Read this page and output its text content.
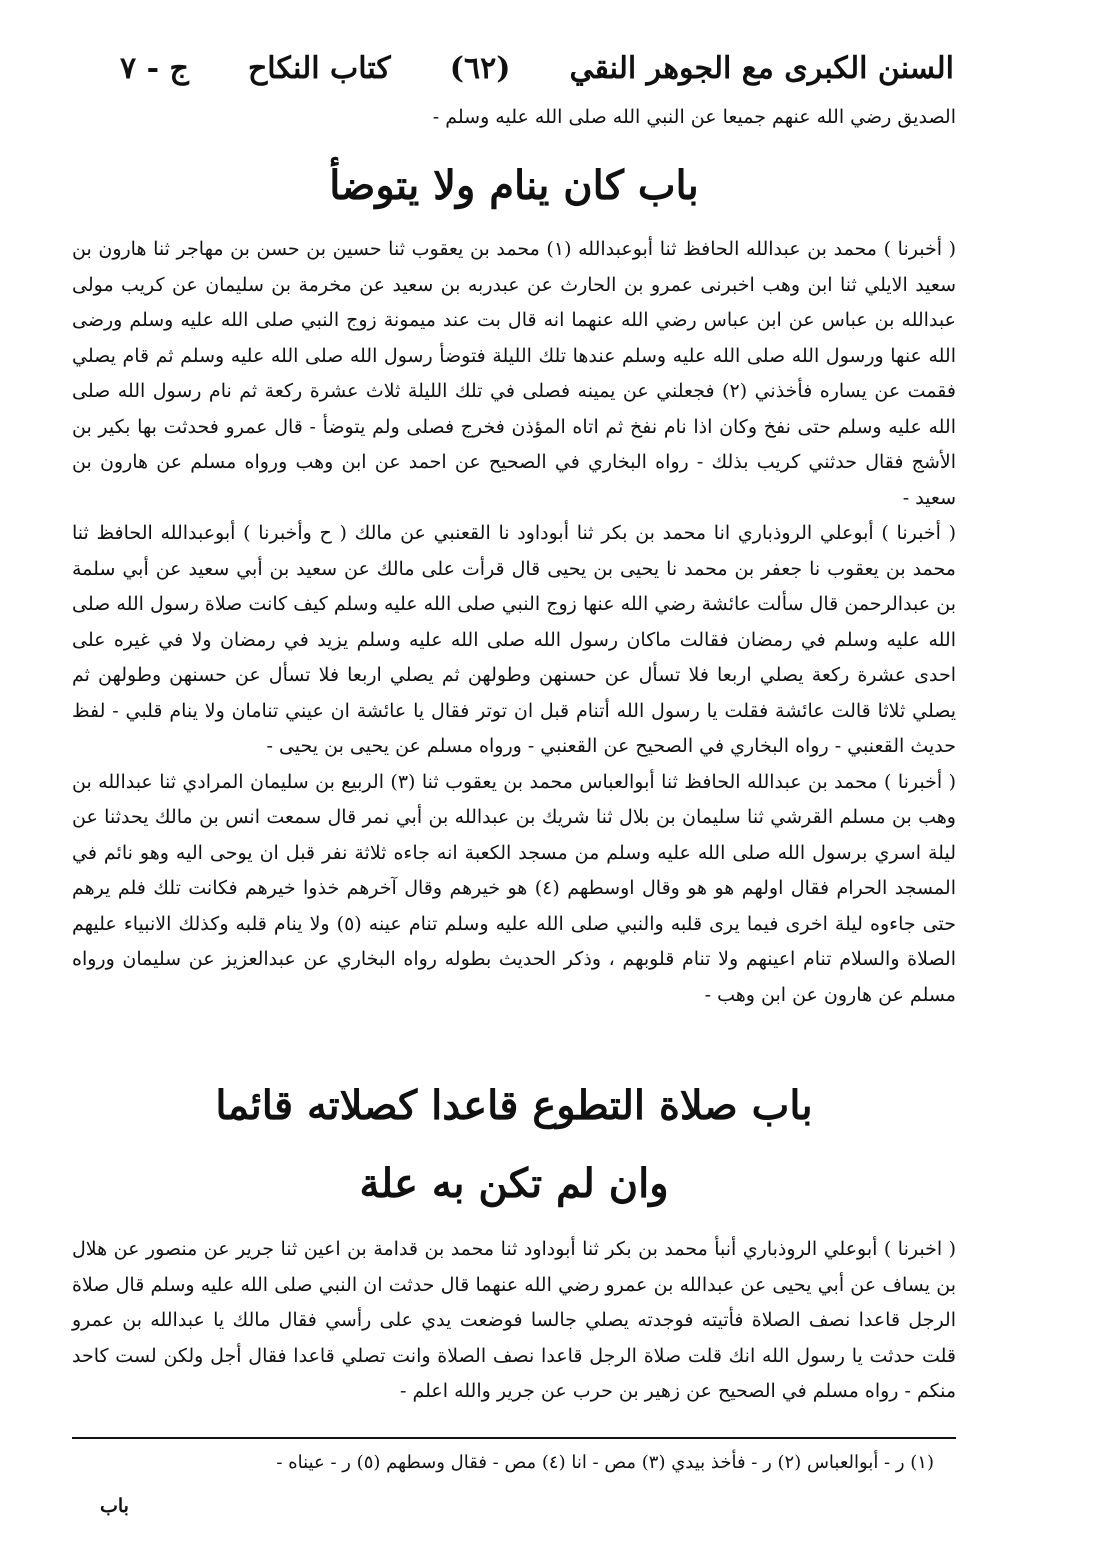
السنن الكبرى مع الجوهر النقي
(٦٢)
كتاب النكاح
ج - ٧

الصديق رضي الله عنهم جميعا عن النبي الله صلى الله عليه وسلم -

باب كان ينام ولا يتوضأ

( أخبرنا ) محمد بن عبدالله الحافظ ثنا أبوعبدالله (١) محمد بن يعقوب ثنا حسين بن حسن بن مهاجر ثنا هارون بن سعيد الايلي ثنا ابن وهب اخبرنى عمرو بن الحارث عن عبدربه بن سعيد عن مخرمة بن سليمان عن كريب مولى عبدالله بن عباس عن ابن عباس رضي الله عنهما انه قال بت عند ميمونة زوج النبي صلى الله عليه وسلم ورضى الله عنها ورسول الله صلى الله عليه وسلم عندها تلك الليلة فتوضأ رسول الله صلى الله عليه وسلم ثم قام يصلي فقمت عن يساره فأخذني (٢) فجعلني عن يمينه فصلى في تلك الليلة ثلاث عشرة ركعة ثم نام رسول الله صلى الله عليه وسلم حتى نفخ وكان اذا نام نفخ ثم اتاه المؤذن فخرج فصلى ولم يتوضأ - قال عمرو فحدثت بها بكير بن الأشج فقال حدثني كريب بذلك - رواه البخاري في الصحيح عن احمد عن ابن وهب ورواه مسلم عن هارون بن سعيد -

( أخبرنا ) أبوعلي الروذباري انا محمد بن بكر ثنا أبوداود نا القعنبي عن مالك ( ح وأخبرنا ) أبوعبدالله الحافظ ثنا محمد بن يعقوب نا جعفر بن محمد نا يحيى بن يحيى قال قرأت على مالك عن سعيد بن أبي سعيد عن أبي سلمة بن عبدالرحمن قال سألت عائشة رضي الله عنها زوج النبي صلى الله عليه وسلم كيف كانت صلاة رسول الله صلى الله عليه وسلم في رمضان فقالت ماكان رسول الله صلى الله عليه وسلم يزيد في رمضان ولا في غيره على احدى عشرة ركعة يصلي اربعا فلا تسأل عن حسنهن وطولهن ثم يصلي اربعا فلا تسأل عن حسنهن وطولهن ثم يصلي ثلاثا قالت عائشة فقلت يا رسول الله أتنام قبل ان توتر فقال يا عائشة ان عيني تنامان ولا ينام قلبي - لفظ حديث القعنبي - رواه البخاري في الصحيح عن القعنبي - ورواه مسلم عن يحيى بن يحيى -

( أخبرنا ) محمد بن عبدالله الحافظ ثنا أبوالعباس محمد بن يعقوب ثنا (٣) الربيع بن سليمان المرادي ثنا عبدالله بن وهب بن مسلم القرشي ثنا سليمان بن بلال ثنا شريك بن عبدالله بن أبي نمر قال سمعت انس بن مالك يحدثنا عن ليلة اسري برسول الله صلى الله عليه وسلم من مسجد الكعبة انه جاءه ثلاثة نفر قبل ان يوحى اليه وهو نائم في المسجد الحرام فقال اولهم هو هو وقال اوسطهم (٤) هو خيرهم وقال آخرهم خذوا خيرهم فكانت تلك فلم يرهم حتى جاءوه ليلة اخرى فيما يرى قلبه والنبي صلى الله عليه وسلم تنام عينه (٥) ولا ينام قلبه وكذلك الانبياء عليهم الصلاة والسلام تنام اعينهم ولا تنام قلوبهم ، وذكر الحديث بطوله رواه البخاري عن عبدالعزيز عن سليمان ورواه مسلم عن هارون عن ابن وهب -

باب صلاة التطوع قاعدا كصلاته قائما
وان لم تكن به علة

( اخبرنا ) أبوعلي الروذباري أنبأ محمد بن بكر ثنا أبوداود ثنا محمد بن قدامة بن اعين ثنا جرير عن منصور عن هلال بن يساف عن أبي يحيى عن عبدالله بن عمرو رضي الله عنهما قال حدثت ان النبي صلى الله عليه وسلم قال صلاة الرجل قاعدا نصف الصلاة فأتيته فوجدته يصلي جالسا فوضعت يدي على رأسي فقال مالك يا عبدالله بن عمرو قلت حدثت يا رسول الله انك قلت صلاة الرجل قاعدا نصف الصلاة وانت تصلي قاعدا فقال أجل ولكن لست كاحد منكم - رواه مسلم في الصحيح عن زهير بن حرب عن جرير والله اعلم -

(١) ر - أبوالعباس (٢) ر - فأخذ بيدي (٣) مص - انا (٤) مص - فقال وسطهم (٥) ر - عيناه -
باب
